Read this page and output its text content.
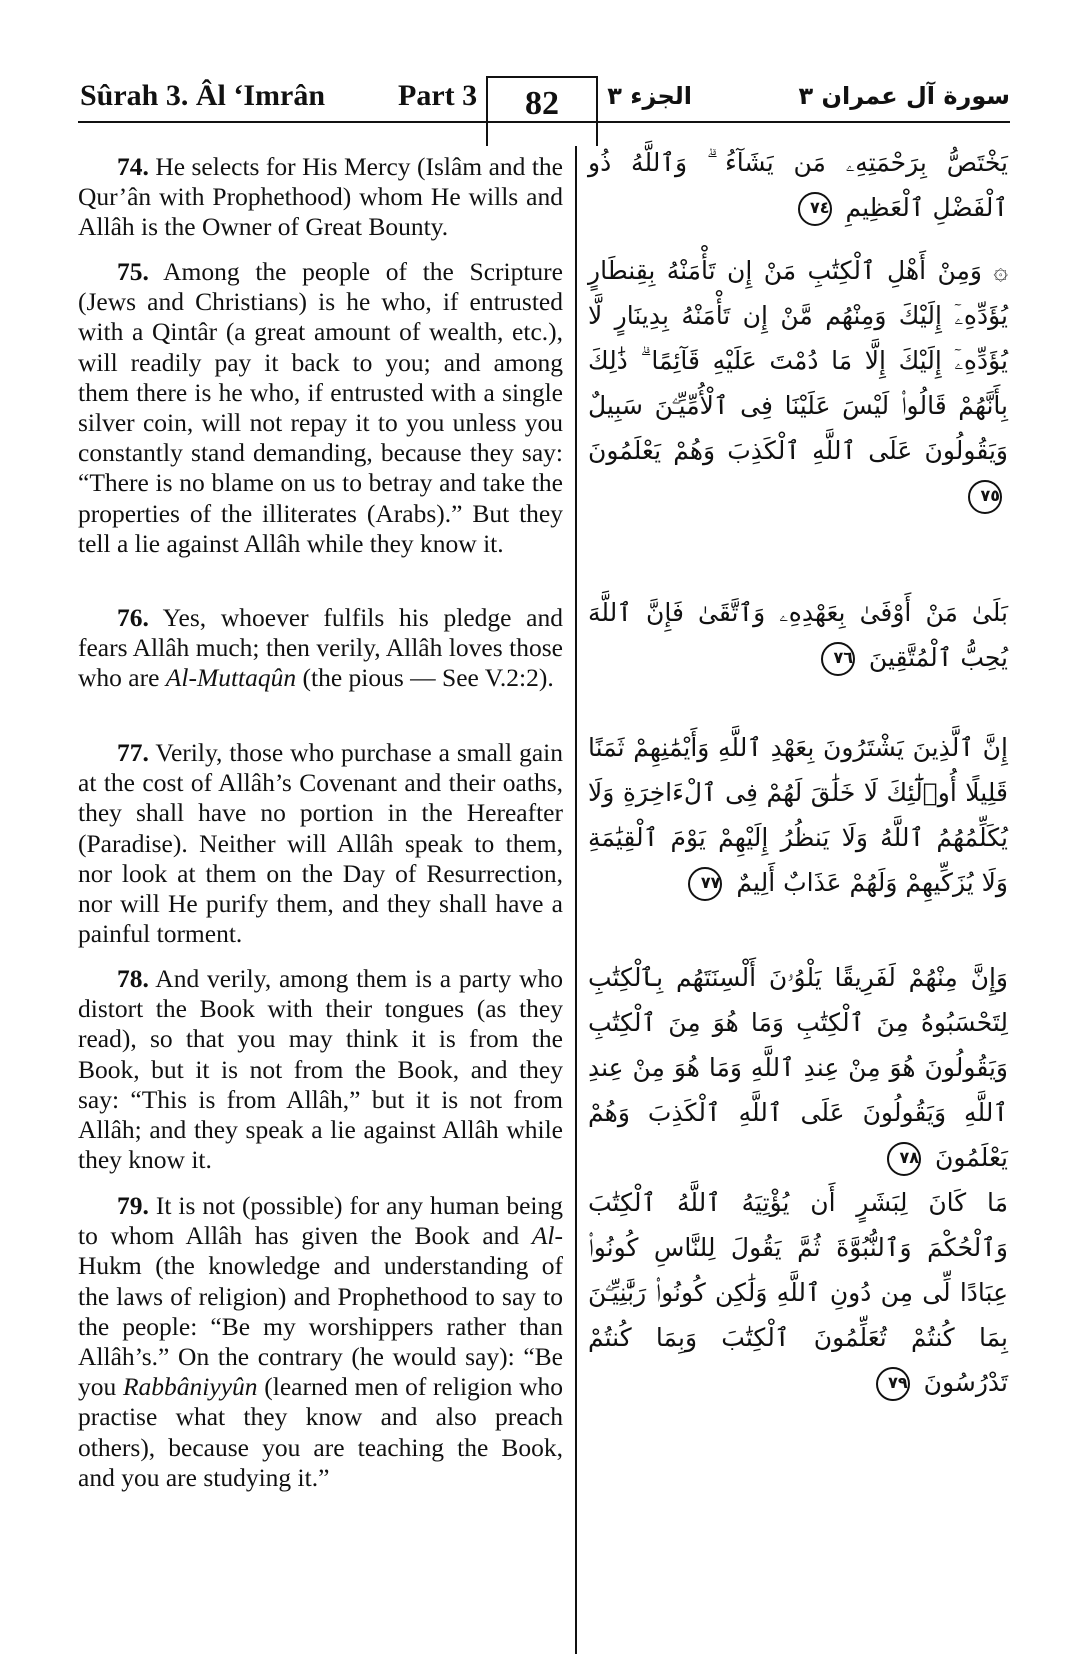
Sûrah 3. Âl ‘Imrân Part 3	82	الجزء ٣	سورة آل عمران ٣

74. He selects for His Mercy (Islâm and the Qur’ân with Prophethood) whom He wills and Allâh is the Owner of Great Bounty.

يَخْتَصُّ بِرَحْمَتِهِۦ مَن يَشَآءُ ۗ وَٱللَّهُ ذُو ٱلْفَضْلِ ٱلْعَظِيمِ ٧٤

75. Among the people of the Scripture (Jews and Christians) is he who, if entrusted with a Qintâr (a great amount of wealth, etc.), will readily pay it back to you; and among them there is he who, if entrusted with a single silver coin, will not repay it to you unless you constantly stand demanding, because they say: “There is no blame on us to betray and take the properties of the illiterates (Arabs).” But they tell a lie against Allâh while they know it.

۞ وَمِنْ أَهْلِ ٱلْكِتَٰبِ مَنْ إِن تَأْمَنْهُ بِقِنطَارٍ يُؤَدِّهِۦٓ إِلَيْكَ وَمِنْهُم مَّنْ إِن تَأْمَنْهُ بِدِينَارٍ لَّا يُؤَدِّهِۦٓ إِلَيْكَ إِلَّا مَا دُمْتَ عَلَيْهِ قَآئِمًا ۗ ذَٰلِكَ بِأَنَّهُمْ قَالُوا۟ لَيْسَ عَلَيْنَا فِى ٱلْأُمِّيِّـۧنَ سَبِيلٌ وَيَقُولُونَ عَلَى ٱللَّهِ ٱلْكَذِبَ وَهُمْ يَعْلَمُونَ ٧٥

76. Yes, whoever fulfils his pledge and fears Allâh much; then verily, Allâh loves those who are Al-Muttaqûn (the pious — See V.2:2).

بَلَىٰ مَنْ أَوْفَىٰ بِعَهْدِهِۦ وَٱتَّقَىٰ فَإِنَّ ٱللَّهَ يُحِبُّ ٱلْمُتَّقِينَ ٧٦

77. Verily, those who purchase a small gain at the cost of Allâh’s Covenant and their oaths, they shall have no portion in the Hereafter (Paradise). Neither will Allâh speak to them, nor look at them on the Day of Resurrection, nor will He purify them, and they shall have a painful torment.

إِنَّ ٱلَّذِينَ يَشْتَرُونَ بِعَهْدِ ٱللَّهِ وَأَيْمَٰنِهِمْ ثَمَنًا قَلِيلًا أُو۟لَٰٓئِكَ لَا خَلَٰقَ لَهُمْ فِى ٱلْءَاخِرَةِ وَلَا يُكَلِّمُهُمُ ٱللَّهُ وَلَا يَنظُرُ إِلَيْهِمْ يَوْمَ ٱلْقِيَٰمَةِ وَلَا يُزَكِّيهِمْ وَلَهُمْ عَذَابٌ أَلِيمٌ ٧٧

78. And verily, among them is a party who distort the Book with their tongues (as they read), so that you may think it is from the Book, but it is not from the Book, and they say: “This is from Allâh,” but it is not from Allâh; and they speak a lie against Allâh while they know it.

وَإِنَّ مِنْهُمْ لَفَرِيقًا يَلْوُۥنَ أَلْسِنَتَهُم بِٱلْكِتَٰبِ لِتَحْسَبُوهُ مِنَ ٱلْكِتَٰبِ وَمَا هُوَ مِنَ ٱلْكِتَٰبِ وَيَقُولُونَ هُوَ مِنْ عِندِ ٱللَّهِ وَمَا هُوَ مِنْ عِندِ ٱللَّهِ وَيَقُولُونَ عَلَى ٱللَّهِ ٱلْكَذِبَ وَهُمْ يَعْلَمُونَ ٧٨

79. It is not (possible) for any human being to whom Allâh has given the Book and Al-Hukm (the knowledge and understanding of the laws of religion) and Prophethood to say to the people: “Be my worshippers rather than Allâh’s.” On the contrary (he would say): “Be you Rabbâniyyûn (learned men of religion who practise what they know and also preach others), because you are teaching the Book, and you are studying it.”

مَا كَانَ لِبَشَرٍ أَن يُؤْتِيَهُ ٱللَّهُ ٱلْكِتَٰبَ وَٱلْحُكْمَ وَٱلنُّبُوَّةَ ثُمَّ يَقُولَ لِلنَّاسِ كُونُوا۟ عِبَادًا لِّى مِن دُونِ ٱللَّهِ وَلَٰكِن كُونُوا۟ رَبَّٰنِيِّـۧنَ بِمَا كُنتُمْ تُعَلِّمُونَ ٱلْكِتَٰبَ وَبِمَا كُنتُمْ تَدْرُسُونَ ٧٩
